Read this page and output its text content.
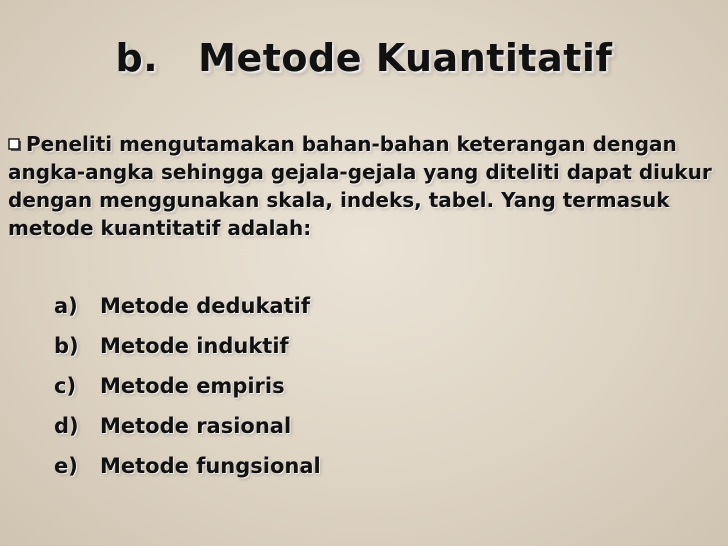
b. Metode Kuantitatif
Peneliti mengutamakan bahan-bahan keterangan dengan angka-angka sehingga gejala-gejala yang diteliti dapat diukur dengan menggunakan skala, indeks, tabel. Yang termasuk metode kuantitatif adalah:
a)	Metode dedukatif
b)	Metode induktif
c)	Metode empiris
d)	Metode rasional
e)	Metode fungsional
